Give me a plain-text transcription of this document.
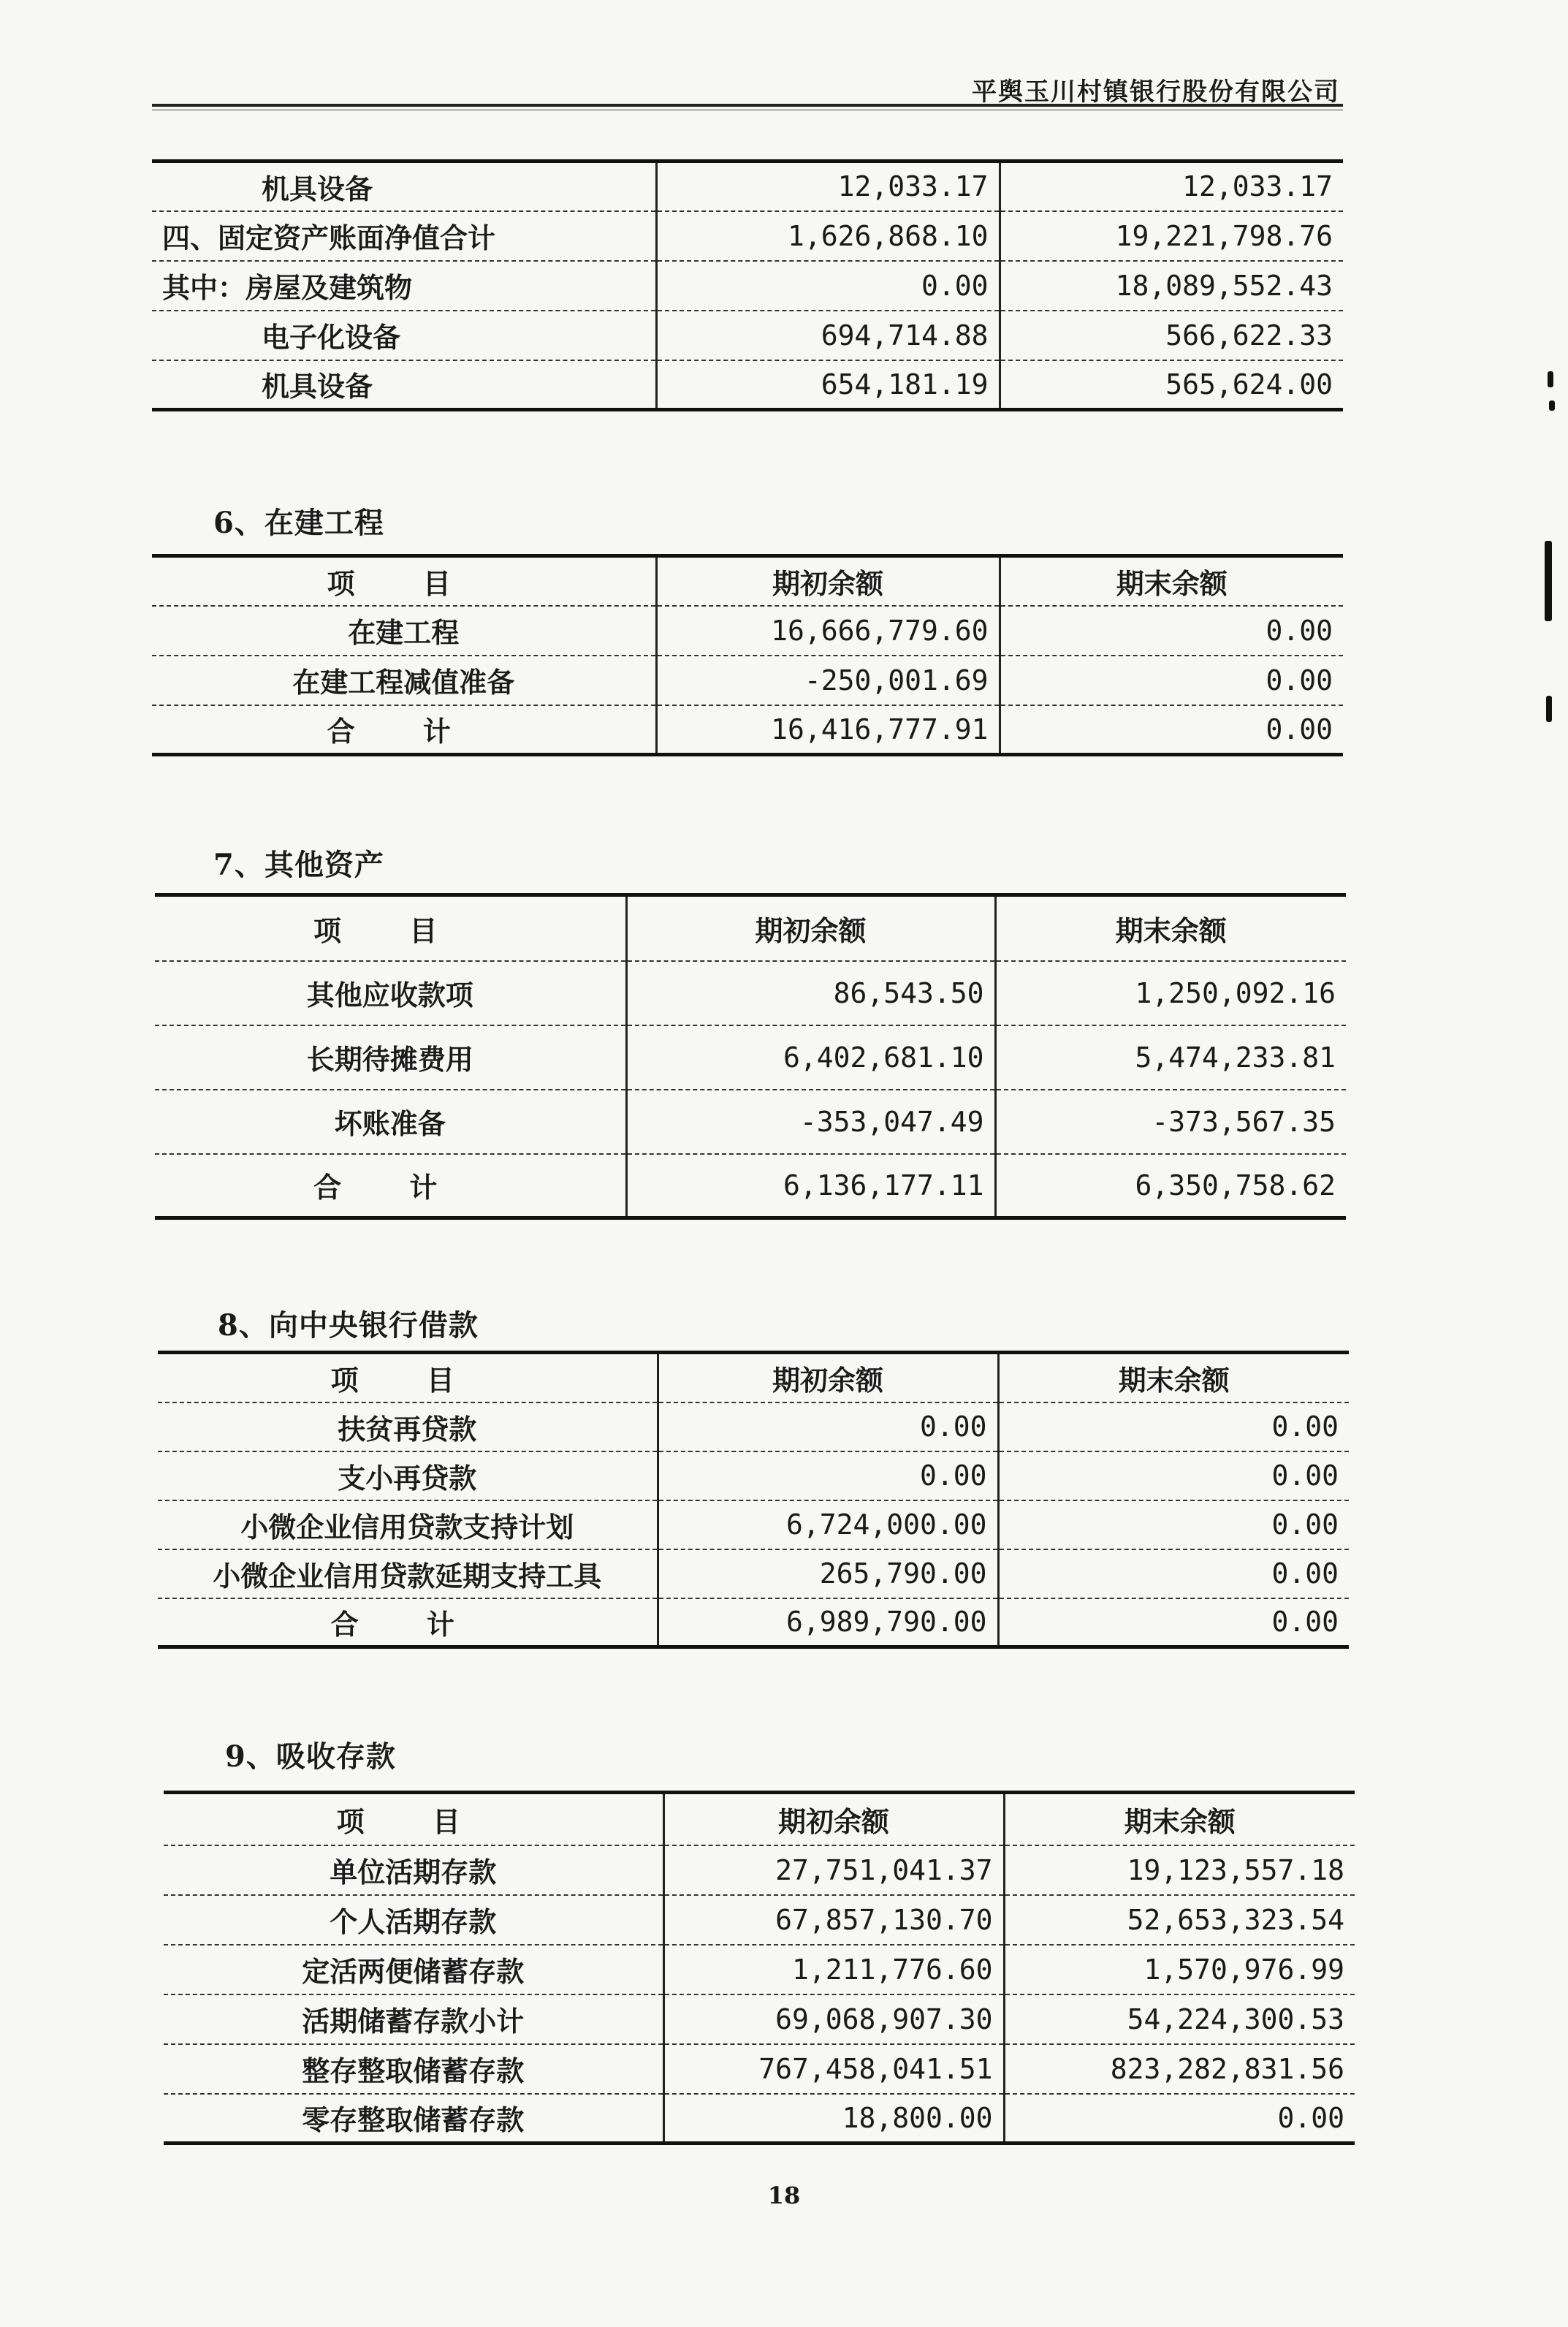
平舆玉川村镇银行股份有限公司
机具设备	12,033.17	12,033.17
四、固定资产账面净值合计	1,626,868.10	19,221,798.76
其中：房屋及建筑物	0.00	18,089,552.43
电子化设备	694,714.88	566,622.33
机具设备	654,181.19	565,624.00
6、在建工程
项 目	期初余额	期末余额
在建工程	16,666,779.60	0.00
在建工程减值准备	-250,001.69	0.00
合 计	16,416,777.91	0.00
7、其他资产
项 目	期初余额	期末余额
其他应收款项	86,543.50	1,250,092.16
长期待摊费用	6,402,681.10	5,474,233.81
坏账准备	-353,047.49	-373,567.35
合 计	6,136,177.11	6,350,758.62
8、向中央银行借款
项 目	期初余额	期末余额
扶贫再贷款	0.00	0.00
支小再贷款	0.00	0.00
小微企业信用贷款支持计划	6,724,000.00	0.00
小微企业信用贷款延期支持工具	265,790.00	0.00
合 计	6,989,790.00	0.00
9、吸收存款
项 目	期初余额	期末余额
单位活期存款	27,751,041.37	19,123,557.18
个人活期存款	67,857,130.70	52,653,323.54
定活两便储蓄存款	1,211,776.60	1,570,976.99
活期储蓄存款小计	69,068,907.30	54,224,300.53
整存整取储蓄存款	767,458,041.51	823,282,831.56
零存整取储蓄存款	18,800.00	0.00
18
